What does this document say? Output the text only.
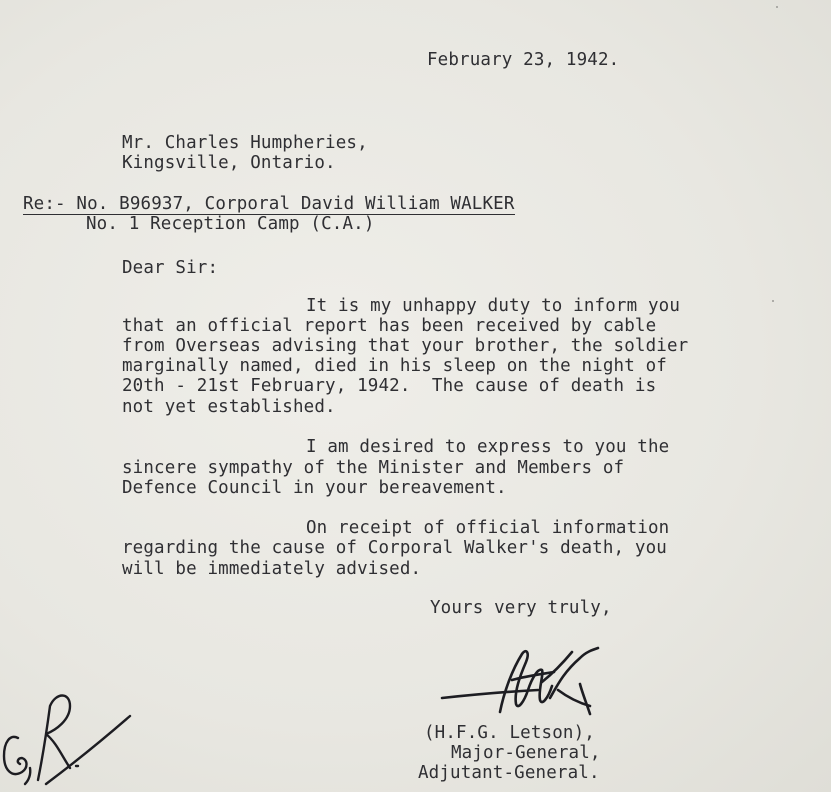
February 23, 1942.
Mr. Charles Humpheries,
Kingsville, Ontario.
Re:- No. B96937, Corporal David William WALKER
No. 1 Reception Camp (C.A.)
Dear Sir:
It is my unhappy duty to inform you
that an official report has been received by cable
from Overseas advising that your brother, the soldier
marginally named, died in his sleep on the night of
20th - 21st February, 1942.  The cause of death is
not yet established.
I am desired to express to you the
sincere sympathy of the Minister and Members of
Defence Council in your bereavement.
On receipt of official information
regarding the cause of Corporal Walker's death, you
will be immediately advised.
Yours very truly,
(H.F.G. Letson),
Major-General,
Adjutant-General.
